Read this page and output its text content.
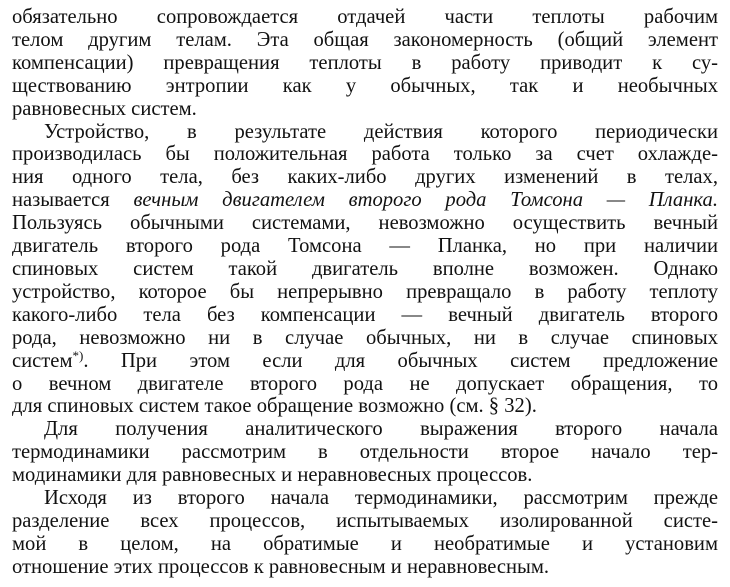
обязательно сопровождается отдачей части теплоты рабочим
телом другим телам. Эта общая закономерность (общий элемент
компенсации) превращения теплоты в работу приводит к су-
ществованию энтропии как у обычных, так и необычных
равновесных систем.

Устройство, в результате действия которого периодически
производилась бы положительная работа только за счет охлажде-
ния одного тела, без каких-либо других изменений в телах,
называется вечным двигателем второго рода Томсона — Планка.
Пользуясь обычными системами, невозможно осуществить вечный
двигатель второго рода Томсона — Планка, но при наличии
спиновых систем такой двигатель вполне возможен. Однако
устройство, которое бы непрерывно превращало в работу теплоту
какого-либо тела без компенсации — вечный двигатель второго
рода, невозможно ни в случае обычных, ни в случае спиновых
систем*). При этом если для обычных систем предложение
о вечном двигателе второго рода не допускает обращения, то
для спиновых систем такое обращение возможно (см. § 32).

Для получения аналитического выражения второго начала
термодинамики рассмотрим в отдельности второе начало тер-
модинамики для равновесных и неравновесных процессов.

Исходя из второго начала термодинамики, рассмотрим прежде
разделение всех процессов, испытываемых изолированной систе-
мой в целом, на обратимые и необратимые и установим
отношение этих процессов к равновесным и неравновесным.
